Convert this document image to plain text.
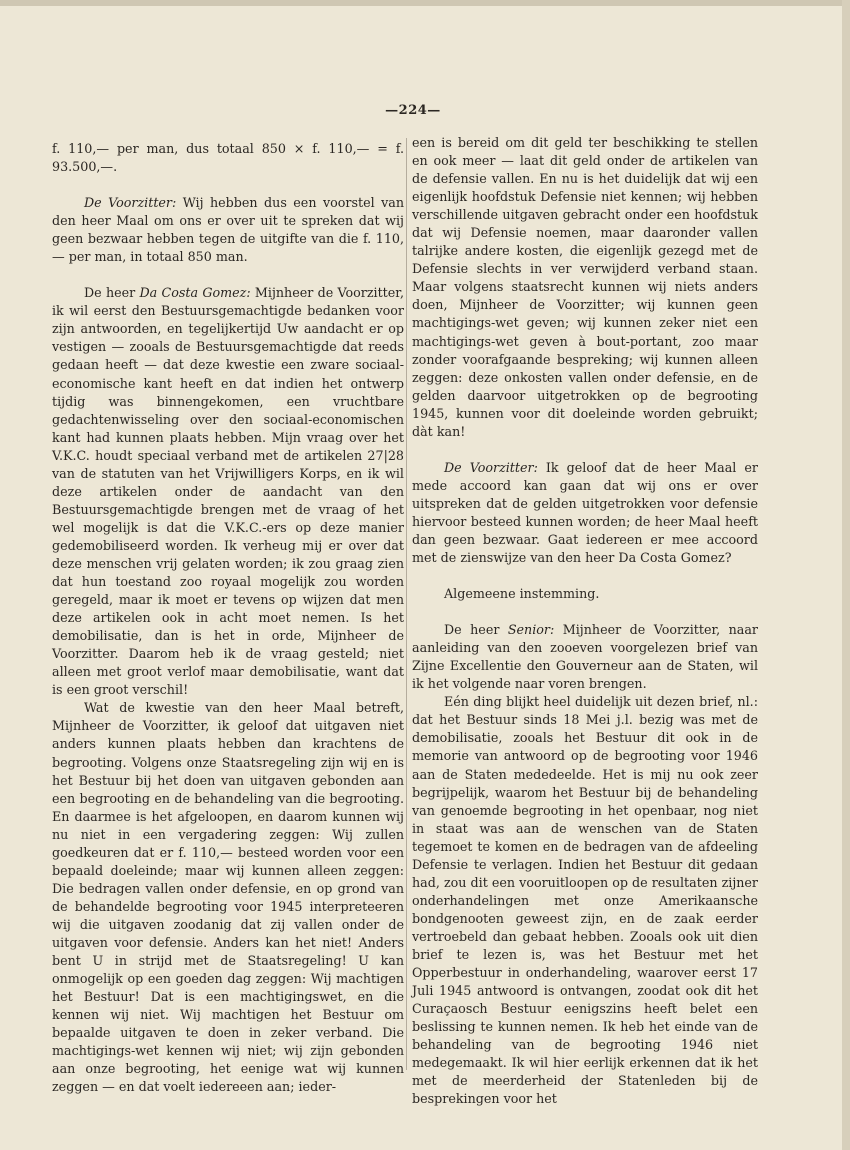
—224—

f. 110,— per man, dus totaal 850 × f. 110,— = f. 93.500,—.

De Voorzitter: Wij hebben dus een voorstel van den heer Maal om ons er over uit te spreken dat wij geen bezwaar hebben tegen de uitgifte van die f. 110,— per man, in totaal 850 man.

De heer Da Costa Gomez: Mijnheer de Voorzitter, ik wil eerst den Bestuursgemachtigde bedanken voor zijn antwoorden, en tegelijkertijd Uw aandacht er op vestigen — zooals de Bestuursgemachtigde dat reeds gedaan heeft — dat deze kwestie een zware sociaal-economische kant heeft en dat indien het ontwerp tijdig was binnengekomen, een vruchtbare gedachtenwisseling over den sociaal-economischen kant had kunnen plaats hebben. Mijn vraag over het V.K.C. houdt speciaal verband met de artikelen 27|28 van de statuten van het Vrijwilligers Korps, en ik wil deze artikelen onder de aandacht van den Bestuursgemachtigde brengen met de vraag of het wel mogelijk is dat die V.K.C.-ers op deze manier gedemobiliseerd worden. Ik verheug mij er over dat deze menschen vrij gelaten worden; ik zou graag zien dat hun toestand zoo royaal mogelijk zou worden geregeld, maar ik moet er tevens op wijzen dat men deze artikelen ook in acht moet nemen. Is het demobilisatie, dan is het in orde, Mijnheer de Voorzitter. Daarom heb ik de vraag gesteld; niet alleen met groot verlof maar demobilisatie, want dat is een groot verschil!

Wat de kwestie van den heer Maal betreft, Mijnheer de Voorzitter, ik geloof dat uitgaven niet anders kunnen plaats hebben dan krachtens de begrooting. Volgens onze Staatsregeling zijn wij en is het Bestuur bij het doen van uitgaven gebonden aan een begrooting en de behandeling van die begrooting. En daarmee is het afgeloopen, en daarom kunnen wij nu niet in een vergadering zeggen: Wij zullen goedkeuren dat er f. 110,— besteed worden voor een bepaald doeleinde; maar wij kunnen alleen zeggen: Die bedragen vallen onder defensie, en op grond van de behandelde begrooting voor 1945 interpreteeren wij die uitgaven zoodanig dat zij vallen onder de uitgaven voor defensie. Anders kan het niet! Anders bent U in strijd met de Staatsregeling! U kan onmogelijk op een goeden dag zeggen: Wij machtigen het Bestuur! Dat is een machtigingswet, en die kennen wij niet. Wij machtigen het Bestuur om bepaalde uitgaven te doen in zeker verband. Die machtigings-wet kennen wij niet; wij zijn gebonden aan onze begrooting, het eenige wat wij kunnen zeggen — en dat voelt iedereeen aan; ieder-

een is bereid om dit geld ter beschikking te stellen en ook meer — laat dit geld onder de artikelen van de defensie vallen. En nu is het duidelijk dat wij een eigenlijk hoofdstuk Defensie niet kennen; wij hebben verschillende uitgaven gebracht onder een hoofdstuk dat wij Defensie noemen, maar daaronder vallen talrijke andere kosten, die eigenlijk gezegd met de Defensie slechts in ver verwijderd verband staan. Maar volgens staatsrecht kunnen wij niets anders doen, Mijnheer de Voorzitter; wij kunnen geen machtigings-wet geven; wij kunnen zeker niet een machtigings-wet geven à bout-portant, zoo maar zonder voorafgaande bespreking; wij kunnen alleen zeggen: deze onkosten vallen onder defensie, en de gelden daarvoor uitgetrokken op de begrooting 1945, kunnen voor dit doeleinde worden gebruikt; dàt kan!

De Voorzitter: Ik geloof dat de heer Maal er mede accoord kan gaan dat wij ons er over uitspreken dat de gelden uitgetrokken voor defensie hiervoor besteed kunnen worden; de heer Maal heeft dan geen bezwaar. Gaat iedereen er mee accoord met de zienswijze van den heer Da Costa Gomez?

Algemeene instemming.

De heer Senior: Mijnheer de Voorzitter, naar aanleiding van den zooeven voorgelezen brief van Zijne Excellentie den Gouverneur aan de Staten, wil ik het volgende naar voren brengen.

Eén ding blijkt heel duidelijk uit dezen brief, nl.: dat het Bestuur sinds 18 Mei j.l. bezig was met de demobilisatie, zooals het Bestuur dit ook in de memorie van antwoord op de begrooting voor 1946 aan de Staten mededeelde. Het is mij nu ook zeer begrijpelijk, waarom het Bestuur bij de behandeling van genoemde begrooting in het openbaar, nog niet in staat was aan de wenschen van de Staten tegemoet te komen en de bedragen van de afdeeling Defensie te verlagen. Indien het Bestuur dit gedaan had, zou dit een vooruitloopen op de resultaten zijner onderhandelingen met onze Amerikaansche bondgenooten geweest zijn, en de zaak eerder vertroebeld dan gebaat hebben. Zooals ook uit dien brief te lezen is, was het Bestuur met het Opperbestuur in onderhandeling, waarover eerst 17 Juli 1945 antwoord is ontvangen, zoodat ook dit het Curaçaosch Bestuur eenigszins heeft belet een beslissing te kunnen nemen. Ik heb het einde van de behandeling van de begrooting 1946 niet medegemaakt. Ik wil hier eerlijk erkennen dat ik het met de meerderheid der Statenleden bij de besprekingen voor het
